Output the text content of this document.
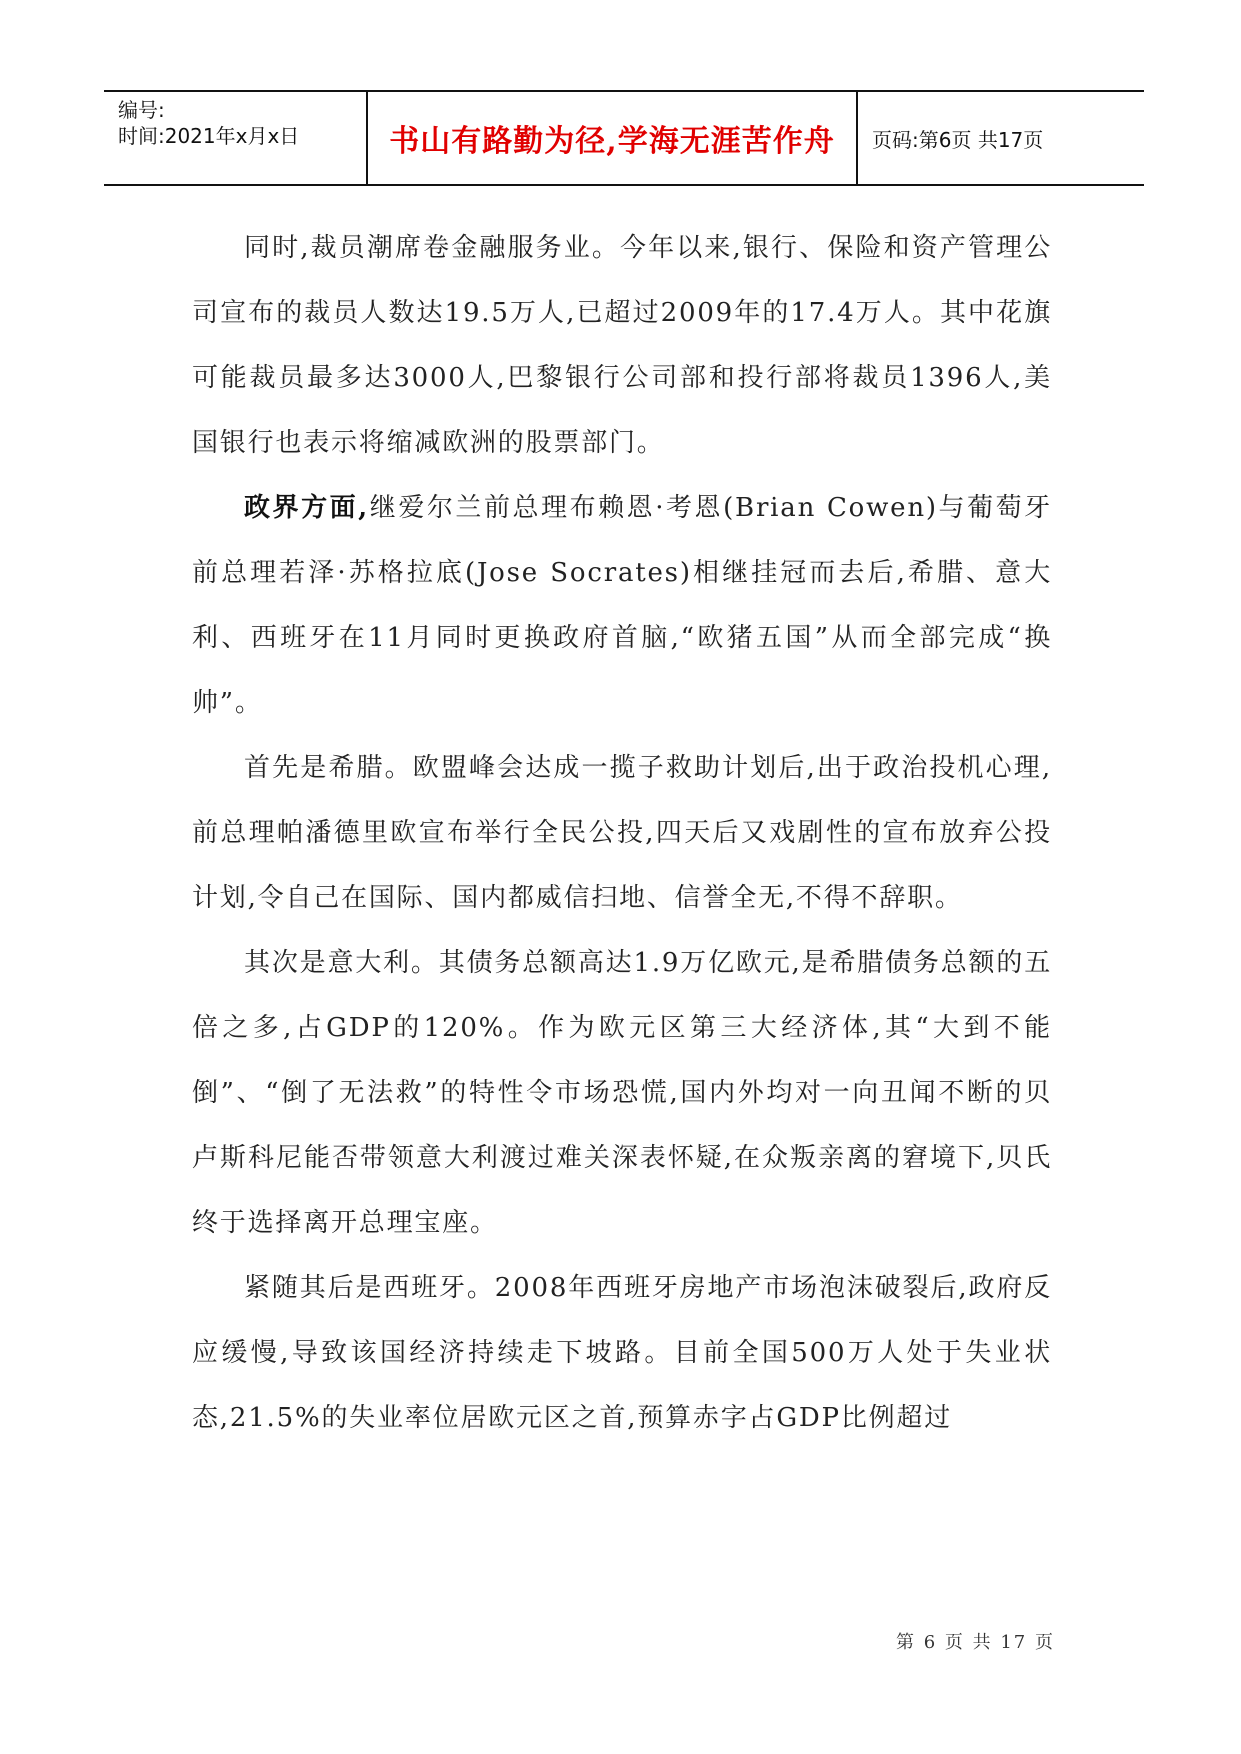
编号:
时间:2021年x月x日	书山有路勤为径,学海无涯苦作舟	页码:第6页 共17页

同时,裁员潮席卷金融服务业。今年以来,银行、保险和资产管理公司宣布的裁员人数达19.5万人,已超过2009年的17.4万人。其中花旗可能裁员最多达3000人,巴黎银行公司部和投行部将裁员1396人,美国银行也表示将缩减欧洲的股票部门。

政界方面,继爱尔兰前总理布赖恩·考恩(Brian Cowen)与葡萄牙前总理若泽·苏格拉底(Jose Socrates)相继挂冠而去后,希腊、意大利、西班牙在11月同时更换政府首脑,“欧猪五国”从而全部完成“换帅”。

首先是希腊。欧盟峰会达成一揽子救助计划后,出于政治投机心理,前总理帕潘德里欧宣布举行全民公投,四天后又戏剧性的宣布放弃公投计划,令自己在国际、国内都威信扫地、信誉全无,不得不辞职。

其次是意大利。其债务总额高达1.9万亿欧元,是希腊债务总额的五倍之多,占GDP的120%。作为欧元区第三大经济体,其“大到不能倒”、“倒了无法救”的特性令市场恐慌,国内外均对一向丑闻不断的贝卢斯科尼能否带领意大利渡过难关深表怀疑,在众叛亲离的窘境下,贝氏终于选择离开总理宝座。

紧随其后是西班牙。2008年西班牙房地产市场泡沫破裂后,政府反应缓慢,导致该国经济持续走下坡路。目前全国500万人处于失业状态,21.5%的失业率位居欧元区之首,预算赤字占GDP比例超过

第 6 页 共 17 页
